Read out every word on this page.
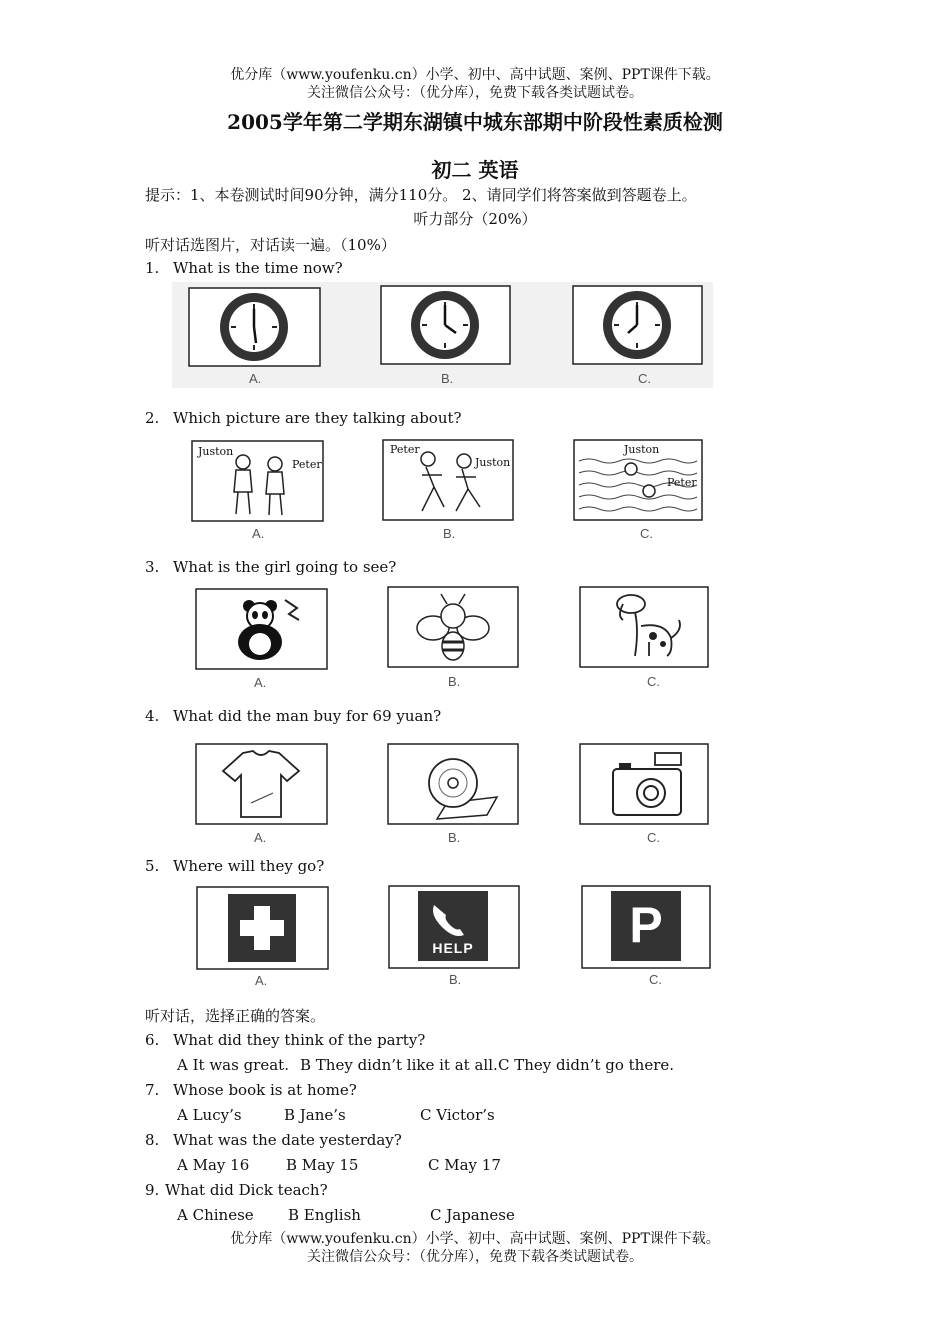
优分库（www.youfenku.cn）小学、初中、高中试题、案例、PPT课件下载。
关注微信公众号：（优分库），免费下载各类试题试卷。
2005学年第二学期东湖镇中城东部期中阶段性素质检测
初二 英语
提示：1、本卷测试时间90分钟，满分110分。 2、请同学们将答案做到答题卷上。
听力部分（20%）
听对话选图片，对话读一遍。（10%）
1. What is the time now?
A.	B.	C.
2. Which picture are they talking about?
Juston
Peter
A.
Peter
Juston
B.
Juston
Peter
C.
3. What is the girl going to see?
A.	B.	C.
4. What did the man buy for 69 yuan?
A.	B.	C.
5. Where will they go?
A.
HELP
B.
P
C.
听对话，选择正确的答案。
6. What did they think of the party?
A It was great. B They didn’t like it at all. C They didn’t go there.
7. Whose book is at home?
A Lucy’s	B Jane’s	C Victor’s
8. What was the date yesterday?
A May 16 B May 15	C May 17
9. What did Dick teach?
A Chinese B English	C Japanese
优分库（www.youfenku.cn）小学、初中、高中试题、案例、PPT课件下载。
关注微信公众号：（优分库），免费下载各类试题试卷。
